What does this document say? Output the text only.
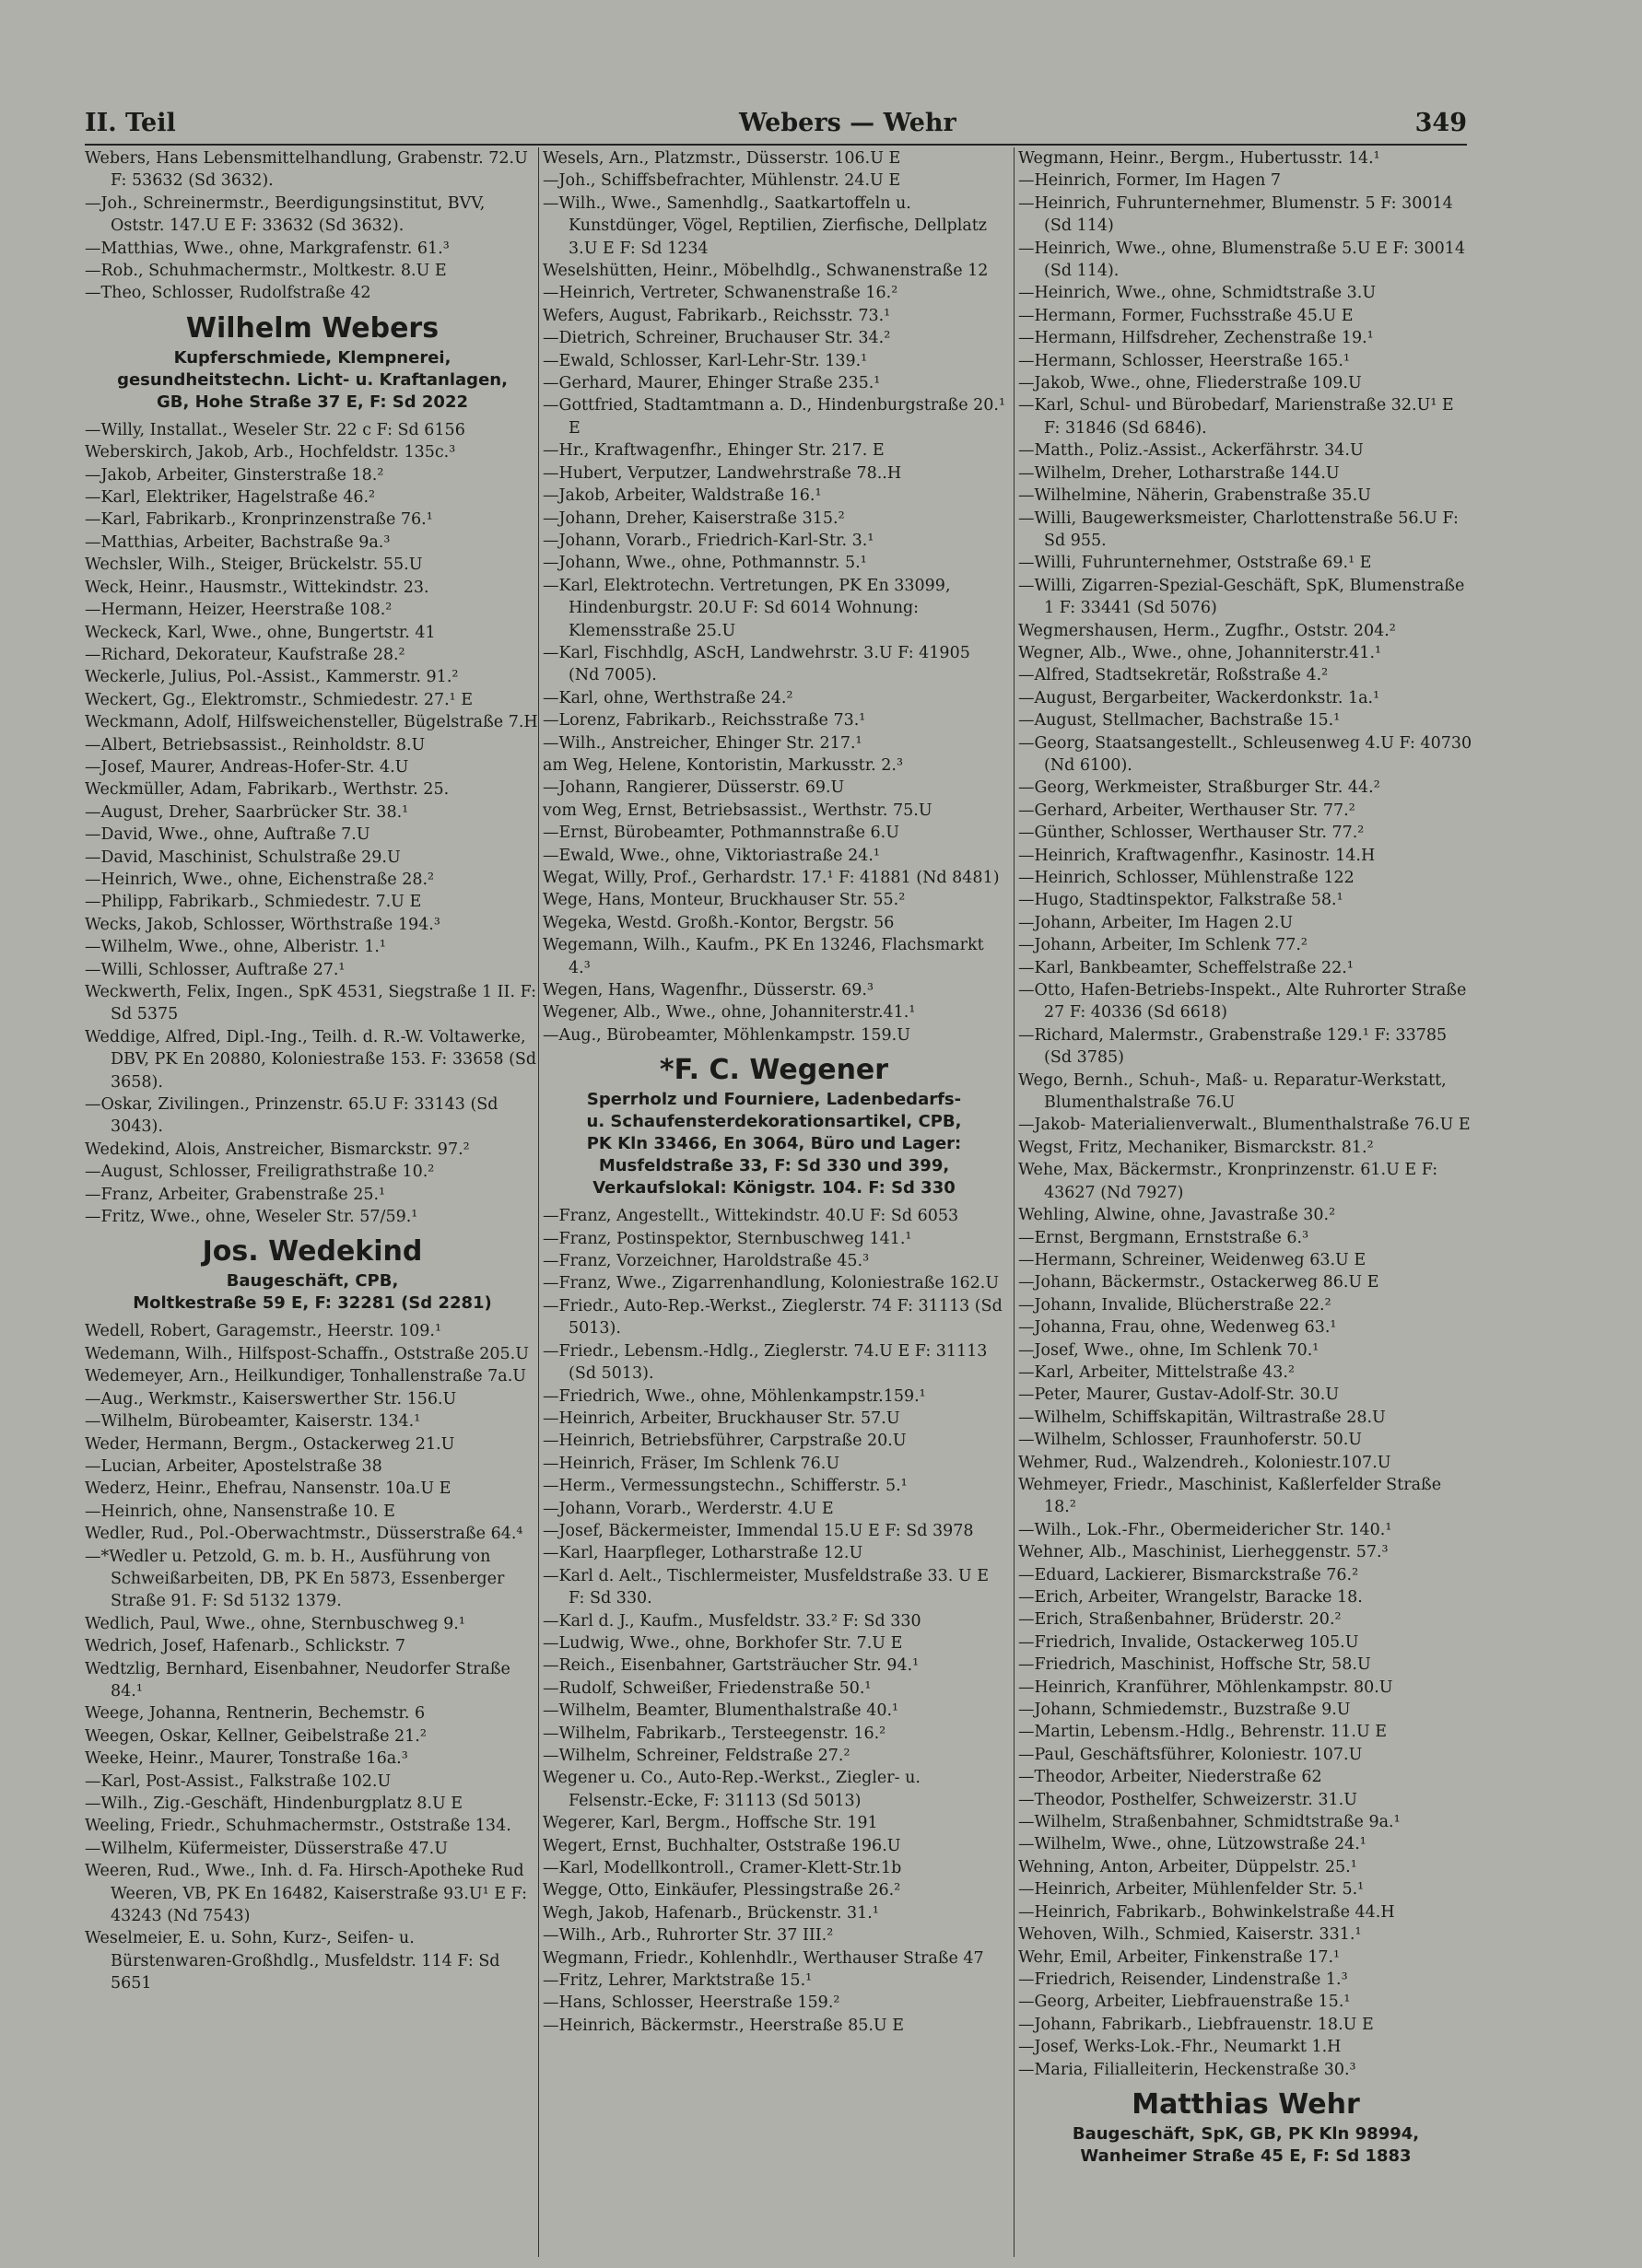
II. Teil	Webers — Wehr	349
Webers, Hans Lebensmittelhandlung, Grabenstr. 72.U F: 53632 (Sd 3632).
—Joh., Schreinermstr., Beerdigungsinstitut, BVV, Oststr. 147.U E F: 33632 (Sd 3632).
—Matthias, Wwe., ohne, Markgrafenstr. 61.³
—Rob., Schuhmachermstr., Moltkestr. 8.U E
—Theo, Schlosser, Rudolfstraße 42
Wilhelm Webers
Kupferschmiede, Klempnerei,
gesundheitstechn. Licht- u. Kraftanlagen,
GB, Hohe Straße 37 E, F: Sd 2022
—Willy, Installat., Weseler Str. 22 c F: Sd 6156
Weberskirch, Jakob, Arb., Hochfeldstr. 135c.³
—Jakob, Arbeiter, Ginsterstraße 18.²
—Karl, Elektriker, Hagelstraße 46.²
—Karl, Fabrikarb., Kronprinzenstraße 76.¹
—Matthias, Arbeiter, Bachstraße 9a.³
Wechsler, Wilh., Steiger, Brückelstr. 55.U
Weck, Heinr., Hausmstr., Wittekindstr. 23.
—Hermann, Heizer, Heerstraße 108.²
Weckeck, Karl, Wwe., ohne, Bungertstr. 41
—Richard, Dekorateur, Kaufstraße 28.²
Weckerle, Julius, Pol.-Assist., Kammerstr. 91.²
Weckert, Gg., Elektromstr., Schmiedestr. 27.¹ E
Weckmann, Adolf, Hilfsweichensteller, Bügelstraße 7.H
—Albert, Betriebsassist., Reinholdstr. 8.U
—Josef, Maurer, Andreas-Hofer-Str. 4.U
Weckmüller, Adam, Fabrikarb., Werthstr. 25.
—August, Dreher, Saarbrücker Str. 38.¹
—David, Wwe., ohne, Auftraße 7.U
—David, Maschinist, Schulstraße 29.U
—Heinrich, Wwe., ohne, Eichenstraße 28.²
—Philipp, Fabrikarb., Schmiedestr. 7.U E
Wecks, Jakob, Schlosser, Wörthstraße 194.³
—Wilhelm, Wwe., ohne, Alberistr. 1.¹
—Willi, Schlosser, Auftraße 27.¹
Weckwerth, Felix, Ingen., SpK 4531, Siegstraße 1 II. F: Sd 5375
Weddige, Alfred, Dipl.-Ing., Teilh. d. R.-W. Voltawerke, DBV, PK En 20880, Koloniestraße 153. F: 33658 (Sd 3658).
—Oskar, Zivilingen., Prinzenstr. 65.U F: 33143 (Sd 3043).
Wedekind, Alois, Anstreicher, Bismarckstr. 97.²
—August, Schlosser, Freiligrathstraße 10.²
—Franz, Arbeiter, Grabenstraße 25.¹
—Fritz, Wwe., ohne, Weseler Str. 57/59.¹
Jos. Wedekind
Baugeschäft, CPB,
Moltkestraße 59 E, F: 32281 (Sd 2281)
Wedell, Robert, Garagemstr., Heerstr. 109.¹
Wedemann, Wilh., Hilfspost-Schaffn., Oststraße 205.U
Wedemeyer, Arn., Heilkundiger, Tonhallenstraße 7a.U
—Aug., Werkmstr., Kaiserswerther Str. 156.U
—Wilhelm, Bürobeamter, Kaiserstr. 134.¹
Weder, Hermann, Bergm., Ostackerweg 21.U
—Lucian, Arbeiter, Apostelstraße 38
Wederz, Heinr., Ehefrau, Nansenstr. 10a.U E
—Heinrich, ohne, Nansenstraße 10. E
Wedler, Rud., Pol.-Oberwachtmstr., Düsserstraße 64.⁴
—*Wedler u. Petzold, G. m. b. H., Ausführung von Schweißarbeiten, DB, PK En 5873, Essenberger Straße 91. F: Sd 5132 1379.
Wedlich, Paul, Wwe., ohne, Sternbuschweg 9.¹
Wedrich, Josef, Hafenarb., Schlickstr. 7
Wedtzlig, Bernhard, Eisenbahner, Neudorfer Straße 84.¹
Weege, Johanna, Rentnerin, Bechemstr. 6
Weegen, Oskar, Kellner, Geibelstraße 21.²
Weeke, Heinr., Maurer, Tonstraße 16a.³
—Karl, Post-Assist., Falkstraße 102.U
—Wilh., Zig.-Geschäft, Hindenburgplatz 8.U E
Weeling, Friedr., Schuhmachermstr., Oststraße 134.
—Wilhelm, Küfermeister, Düsserstraße 47.U
Weeren, Rud., Wwe., Inh. d. Fa. Hirsch-Apotheke Rud Weeren, VB, PK En 16482, Kaiserstraße 93.U¹ E F: 43243 (Nd 7543)
Weselmeier, E. u. Sohn, Kurz-, Seifen- u. Bürstenwaren-Großhdlg., Musfeldstr. 114 F: Sd 5651
Wesels, Arn., Platzmstr., Düsserstr. 106.U E
—Joh., Schiffsbefrachter, Mühlenstr. 24.U E
—Wilh., Wwe., Samenhdlg., Saatkartoffeln u. Kunstdünger, Vögel, Reptilien, Zierfische, Dellplatz 3.U E F: Sd 1234
Weselshütten, Heinr., Möbelhdlg., Schwanenstraße 12
—Heinrich, Vertreter, Schwanenstraße 16.²
Wefers, August, Fabrikarb., Reichsstr. 73.¹
—Dietrich, Schreiner, Bruchauser Str. 34.²
—Ewald, Schlosser, Karl-Lehr-Str. 139.¹
—Gerhard, Maurer, Ehinger Straße 235.¹
—Gottfried, Stadtamtmann a. D., Hindenburgstraße 20.¹ E
—Hr., Kraftwagenfhr., Ehinger Str. 217. E
—Hubert, Verputzer, Landwehrstraße 78..H
—Jakob, Arbeiter, Waldstraße 16.¹
—Johann, Dreher, Kaiserstraße 315.²
—Johann, Vorarb., Friedrich-Karl-Str. 3.¹
—Johann, Wwe., ohne, Pothmannstr. 5.¹
—Karl, Elektrotechn. Vertretungen, PK En 33099, Hindenburgstr. 20.U F: Sd 6014 Wohnung: Klemensstraße 25.U
—Karl, Fischhdlg, AScH, Landwehrstr. 3.U F: 41905 (Nd 7005).
—Karl, ohne, Werthstraße 24.²
—Lorenz, Fabrikarb., Reichsstraße 73.¹
—Wilh., Anstreicher, Ehinger Str. 217.¹
am Weg, Helene, Kontoristin, Markusstr. 2.³
—Johann, Rangierer, Düsserstr. 69.U
vom Weg, Ernst, Betriebsassist., Werthstr. 75.U
—Ernst, Bürobeamter, Pothmannstraße 6.U
—Ewald, Wwe., ohne, Viktoriastraße 24.¹
Wegat, Willy, Prof., Gerhardstr. 17.¹ F: 41881 (Nd 8481)
Wege, Hans, Monteur, Bruckhauser Str. 55.²
Wegeka, Westd. Großh.-Kontor, Bergstr. 56
Wegemann, Wilh., Kaufm., PK En 13246, Flachsmarkt 4.³
Wegen, Hans, Wagenfhr., Düsserstr. 69.³
Wegener, Alb., Wwe., ohne, Johanniterstr.41.¹
—Aug., Bürobeamter, Möhlenkampstr. 159.U
*F. C. Wegener
Sperrholz und Fourniere, Ladenbedarfs-
u. Schaufensterdekorationsartikel, CPB,
PK Kln 33466, En 3064, Büro und Lager:
Musfeldstraße 33, F: Sd 330 und 399,
Verkaufslokal: Königstr. 104. F: Sd 330
—Franz, Angestellt., Wittekindstr. 40.U F: Sd 6053
—Franz, Postinspektor, Sternbuschweg 141.¹
—Franz, Vorzeichner, Haroldstraße 45.³
—Franz, Wwe., Zigarrenhandlung, Koloniestraße 162.U
—Friedr., Auto-Rep.-Werkst., Zieglerstr. 74 F: 31113 (Sd 5013).
—Friedr., Lebensm.-Hdlg., Zieglerstr. 74.U E F: 31113 (Sd 5013).
—Friedrich, Wwe., ohne, Möhlenkampstr.159.¹
—Heinrich, Arbeiter, Bruckhauser Str. 57.U
—Heinrich, Betriebsführer, Carpstraße 20.U
—Heinrich, Fräser, Im Schlenk 76.U
—Herm., Vermessungstechn., Schifferstr. 5.¹
—Johann, Vorarb., Werderstr. 4.U E
—Josef, Bäckermeister, Immendal 15.U E F: Sd 3978
—Karl, Haarpfleger, Lotharstraße 12.U
—Karl d. Aelt., Tischlermeister, Musfeldstraße 33. U E F: Sd 330.
—Karl d. J., Kaufm., Musfeldstr. 33.² F: Sd 330
—Ludwig, Wwe., ohne, Borkhofer Str. 7.U E
—Reich., Eisenbahner, Gartsträucher Str. 94.¹
—Rudolf, Schweißer, Friedenstraße 50.¹
—Wilhelm, Beamter, Blumenthalstraße 40.¹
—Wilhelm, Fabrikarb., Tersteegenstr. 16.²
—Wilhelm, Schreiner, Feldstraße 27.²
Wegener u. Co., Auto-Rep.-Werkst., Ziegler- u. Felsenstr.-Ecke, F: 31113 (Sd 5013)
Wegerer, Karl, Bergm., Hoffsche Str. 191
Wegert, Ernst, Buchhalter, Oststraße 196.U
—Karl, Modellkontroll., Cramer-Klett-Str.1b
Wegge, Otto, Einkäufer, Plessingstraße 26.²
Wegh, Jakob, Hafenarb., Brückenstr. 31.¹
—Wilh., Arb., Ruhrorter Str. 37 III.²
Wegmann, Friedr., Kohlenhdlr., Werthauser Straße 47
—Fritz, Lehrer, Marktstraße 15.¹
—Hans, Schlosser, Heerstraße 159.²
—Heinrich, Bäckermstr., Heerstraße 85.U E
Wegmann, Heinr., Bergm., Hubertusstr. 14.¹
—Heinrich, Former, Im Hagen 7
—Heinrich, Fuhrunternehmer, Blumenstr. 5 F: 30014 (Sd 114)
—Heinrich, Wwe., ohne, Blumenstraße 5.U E F: 30014 (Sd 114).
—Heinrich, Wwe., ohne, Schmidtstraße 3.U
—Hermann, Former, Fuchsstraße 45.U E
—Hermann, Hilfsdreher, Zechenstraße 19.¹
—Hermann, Schlosser, Heerstraße 165.¹
—Jakob, Wwe., ohne, Fliederstraße 109.U
—Karl, Schul- und Bürobedarf, Marienstraße 32.U¹ E F: 31846 (Sd 6846).
—Matth., Poliz.-Assist., Ackerfährstr. 34.U
—Wilhelm, Dreher, Lotharstraße 144.U
—Wilhelmine, Näherin, Grabenstraße 35.U
—Willi, Baugewerksmeister, Charlottenstraße 56.U F: Sd 955.
—Willi, Fuhrunternehmer, Oststraße 69.¹ E
—Willi, Zigarren-Spezial-Geschäft, SpK, Blumenstraße 1 F: 33441 (Sd 5076)
Wegmershausen, Herm., Zugfhr., Oststr. 204.²
Wegner, Alb., Wwe., ohne, Johanniterstr.41.¹
—Alfred, Stadtsekretär, Roßstraße 4.²
—August, Bergarbeiter, Wackerdonkstr. 1a.¹
—August, Stellmacher, Bachstraße 15.¹
—Georg, Staatsangestellt., Schleusenweg 4.U F: 40730 (Nd 6100).
—Georg, Werkmeister, Straßburger Str. 44.²
—Gerhard, Arbeiter, Werthauser Str. 77.²
—Günther, Schlosser, Werthauser Str. 77.²
—Heinrich, Kraftwagenfhr., Kasinostr. 14.H
—Heinrich, Schlosser, Mühlenstraße 122
—Hugo, Stadtinspektor, Falkstraße 58.¹
—Johann, Arbeiter, Im Hagen 2.U
—Johann, Arbeiter, Im Schlenk 77.²
—Karl, Bankbeamter, Scheffelstraße 22.¹
—Otto, Hafen-Betriebs-Inspekt., Alte Ruhrorter Straße 27 F: 40336 (Sd 6618)
—Richard, Malermstr., Grabenstraße 129.¹ F: 33785 (Sd 3785)
Wego, Bernh., Schuh-, Maß- u. Reparatur-Werkstatt, Blumenthalstraße 76.U
—Jakob- Materialienverwalt., Blumenthalstraße 76.U E
Wegst, Fritz, Mechaniker, Bismarckstr. 81.²
Wehe, Max, Bäckermstr., Kronprinzenstr. 61.U E F: 43627 (Nd 7927)
Wehling, Alwine, ohne, Javastraße 30.²
—Ernst, Bergmann, Ernststraße 6.³
—Hermann, Schreiner, Weidenweg 63.U E
—Johann, Bäckermstr., Ostackerweg 86.U E
—Johann, Invalide, Blücherstraße 22.²
—Johanna, Frau, ohne, Wedenweg 63.¹
—Josef, Wwe., ohne, Im Schlenk 70.¹
—Karl, Arbeiter, Mittelstraße 43.²
—Peter, Maurer, Gustav-Adolf-Str. 30.U
—Wilhelm, Schiffskapitän, Wiltrastraße 28.U
—Wilhelm, Schlosser, Fraunhoferstr. 50.U
Wehmer, Rud., Walzendreh., Koloniestr.107.U
Wehmeyer, Friedr., Maschinist, Kaßlerfelder Straße 18.²
—Wilh., Lok.-Fhr., Obermeidericher Str. 140.¹
Wehner, Alb., Maschinist, Lierheggenstr. 57.³
—Eduard, Lackierer, Bismarckstraße 76.²
—Erich, Arbeiter, Wrangelstr, Baracke 18.
—Erich, Straßenbahner, Brüderstr. 20.²
—Friedrich, Invalide, Ostackerweg 105.U
—Friedrich, Maschinist, Hoffsche Str, 58.U
—Heinrich, Kranführer, Möhlenkampstr. 80.U
—Johann, Schmiedemstr., Buzstraße 9.U
—Martin, Lebensm.-Hdlg., Behrenstr. 11.U E
—Paul, Geschäftsführer, Koloniestr. 107.U
—Theodor, Arbeiter, Niederstraße 62
—Theodor, Posthelfer, Schweizerstr. 31.U
—Wilhelm, Straßenbahner, Schmidtstraße 9a.¹
—Wilhelm, Wwe., ohne, Lützowstraße 24.¹
Wehning, Anton, Arbeiter, Düppelstr. 25.¹
—Heinrich, Arbeiter, Mühlenfelder Str. 5.¹
—Heinrich, Fabrikarb., Bohwinkelstraße 44.H
Wehoven, Wilh., Schmied, Kaiserstr. 331.¹
Wehr, Emil, Arbeiter, Finkenstraße 17.¹
—Friedrich, Reisender, Lindenstraße 1.³
—Georg, Arbeiter, Liebfrauenstraße 15.¹
—Johann, Fabrikarb., Liebfrauenstr. 18.U E
—Josef, Werks-Lok.-Fhr., Neumarkt 1.H
—Maria, Filialleiterin, Heckenstraße 30.³
Matthias Wehr
Baugeschäft, SpK, GB, PK Kln 98994,
Wanheimer Straße 45 E, F: Sd 1883
